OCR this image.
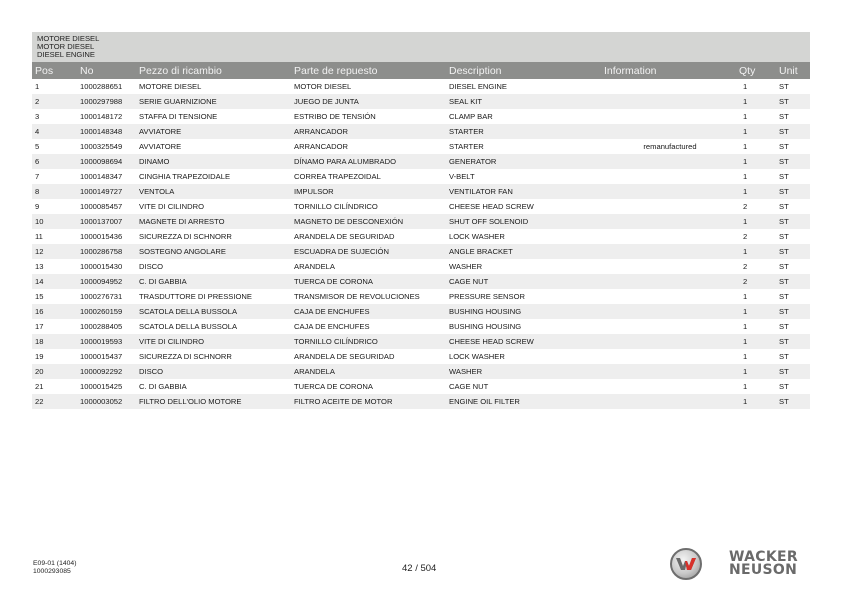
MOTORE DIESEL
MOTOR DIESEL
DIESEL ENGINE
Pos	No	Pezzo di ricambio	Parte de repuesto	Description	Information	Qty	Unit
1	1000288651	MOTORE DIESEL	MOTOR DIESEL	DIESEL ENGINE		1	ST
2	1000297988	SERIE GUARNIZIONE	JUEGO DE JUNTA	SEAL KIT		1	ST
3	1000148172	STAFFA DI TENSIONE	ESTRIBO DE TENSIÓN	CLAMP BAR		1	ST
4	1000148348	AVVIATORE	ARRANCADOR	STARTER		1	ST
5	1000325549	AVVIATORE	ARRANCADOR	STARTER	remanufactured	1	ST
6	1000098694	DINAMO	DÍNAMO PARA ALUMBRADO	GENERATOR		1	ST
7	1000148347	CINGHIA TRAPEZOIDALE	CORREA TRAPEZOIDAL	V-BELT		1	ST
8	1000149727	VENTOLA	IMPULSOR	VENTILATOR FAN		1	ST
9	1000085457	VITE DI CILINDRO	TORNILLO CILÍNDRICO	CHEESE HEAD SCREW		2	ST
10	1000137007	MAGNETE DI ARRESTO	MAGNETO DE DESCONEXIÓN	SHUT OFF SOLENOID		1	ST
11	1000015436	SICUREZZA DI SCHNORR	ARANDELA DE SEGURIDAD	LOCK WASHER		2	ST
12	1000286758	SOSTEGNO ANGOLARE	ESCUADRA DE SUJECIÓN	ANGLE BRACKET		1	ST
13	1000015430	DISCO	ARANDELA	WASHER		2	ST
14	1000094952	C. DI GABBIA	TUERCA DE CORONA	CAGE NUT		2	ST
15	1000276731	TRASDUTTORE DI PRESSIONE	TRANSMISOR DE REVOLUCIONES	PRESSURE SENSOR		1	ST
16	1000260159	SCATOLA DELLA BUSSOLA	CAJA DE ENCHUFES	BUSHING HOUSING		1	ST
17	1000288405	SCATOLA DELLA BUSSOLA	CAJA DE ENCHUFES	BUSHING HOUSING		1	ST
18	1000019593	VITE DI CILINDRO	TORNILLO CILÍNDRICO	CHEESE HEAD SCREW		1	ST
19	1000015437	SICUREZZA DI SCHNORR	ARANDELA DE SEGURIDAD	LOCK WASHER		1	ST
20	1000092292	DISCO	ARANDELA	WASHER		1	ST
21	1000015425	C. DI GABBIA	TUERCA DE CORONA	CAGE NUT		1	ST
22	1000003052	FILTRO DELL'OLIO MOTORE	FILTRO ACEITE DE MOTOR	ENGINE OIL FILTER		1	ST
E09-01 (1404)
1000293085	42 / 504
WACKER
NEUSON
